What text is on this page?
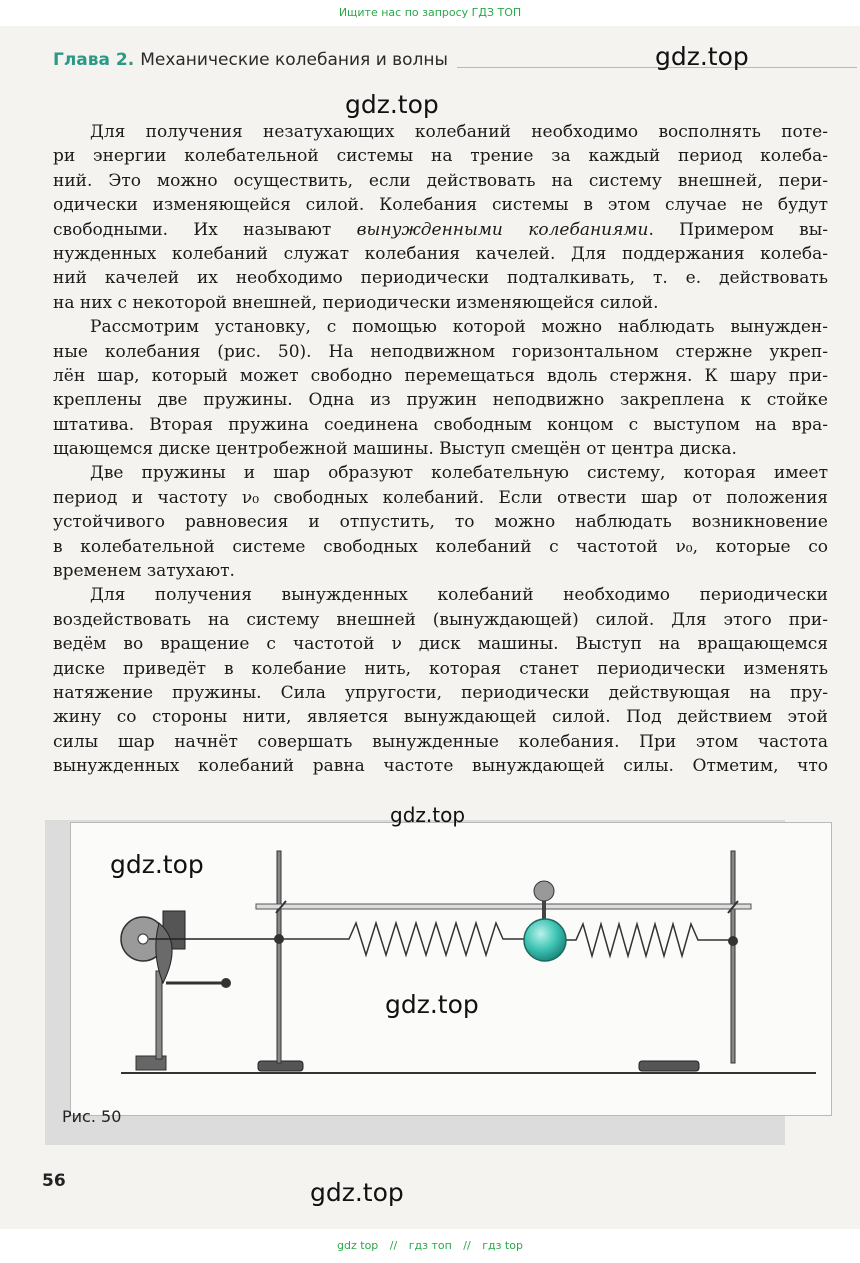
Ищите нас по запросу ГДЗ ТОП
Глава 2. Механические колебания и волны
Для получения незатухающих колебаний необходимо восполнять поте-
ри энергии колебательной системы на трение за каждый период колеба-
ний. Это можно осуществить, если действовать на систему внешней, пери-
одически изменяющейся силой. Колебания системы в этом случае не будут
свободными. Их называют вынужденными колебаниями. Примером вы-
нужденных колебаний служат колебания качелей. Для поддержания колеба-
ний качелей их необходимо периодически подталкивать, т. е. действовать
на них с некоторой внешней, периодически изменяющейся силой.
Рассмотрим установку, с помощью которой можно наблюдать вынужден-
ные колебания (рис. 50). На неподвижном горизонтальном стержне укреп-
лён шар, который может свободно перемещаться вдоль стержня. К шару при-
креплены две пружины. Одна из пружин неподвижно закреплена к стойке
штатива. Вторая пружина соединена свободным концом с выступом на вра-
щающемся диске центробежной машины. Выступ смещён от центра диска.
Две пружины и шар образуют колебательную систему, которая имеет
период и частоту ν₀ свободных колебаний. Если отвести шар от положения
устойчивого равновесия и отпустить, то можно наблюдать возникновение
в колебательной системе свободных колебаний с частотой ν₀, которые со
временем затухают.
Для получения вынужденных колебаний необходимо периодически
воздействовать на систему внешней (вынуждающей) силой. Для этого при-
ведём во вращение с частотой ν диск машины. Выступ на вращающемся
диске приведёт в колебание нить, которая станет периодически изменять
натяжение пружины. Сила упругости, периодически действующая на пру-
жину со стороны нити, является вынуждающей силой. Под действием этой
силы шар начнёт совершать вынужденные колебания. При этом частота
вынужденных колебаний равна частоте вынуждающей силы. Отметим, что
Рис. 50
56
gdz.top
gdz.top
gdz.top
gdz.top
gdz.top
gdz.top
gdz top // гдз топ // гдз top
